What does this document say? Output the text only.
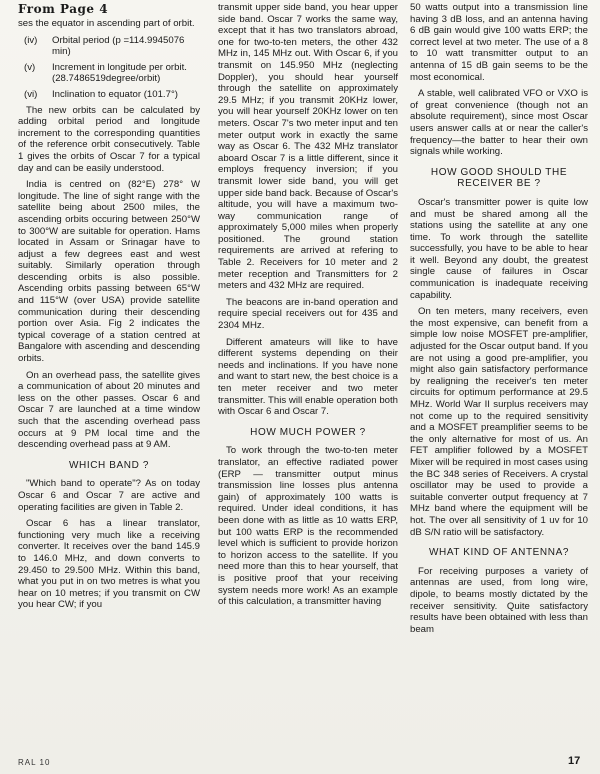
From Page 4

ses the equator in ascending part of orbit.

(iv)	Orbital period (p =114.9945076 min)
(v)	Increment in longitude per orbit. (28.7486519degree/orbit)
(vi)	Inclination to equator (101.7°)

The new orbits can be calculated by adding orbital period and longitude increment to the corresponding quantities of the reference orbit consecutively. Table 1 gives the orbits of Oscar 7 for a typical day and can be easily understood.

India is centred on (82°E) 278° W longitude. The line of sight range with the satellite being about 2500 miles, the ascending orbits occuring between 250°W to 300°W are suitable for operation. Hams located in Assam or Srinagar have to adjust a few degrees east and west suitably. Similarly operation through descending orbits is also possible. Ascending orbits passing between 65°W and 115°W (over USA) provide satellite communication during their descending portion over Asia. Fig 2 indicates the typical coverage of a station centred at Bangalore with ascending and descending orbits.

On an overhead pass, the satellite gives a communication of about 20 minutes and less on the other passes. Oscar 6 and Oscar 7 are launched at a time window such that the ascending overhead pass occurs at 9 PM local time and the descending overhead pass at 9 AM.

WHICH BAND ?

"Which band to operate"? As on today Oscar 6 and Oscar 7 are active and operating facilities are given in Table 2.

Oscar 6 has a linear translator, functioning very much like a receiving converter. It receives over the band 145.9 to 146.0 MHz, and down converts to 29.450 to 29.500 MHz. Within this band, what you put in on two metres is what you hear on 10 metres; if you transmit on CW you hear CW; if you

transmit upper side band, you hear upper side band. Oscar 7 works the same way, except that it has two translators abroad, one for two-to-ten meters, the other 432 MHz in, 145 MHz out. With Oscar 6, if you transmit on 145.950 MHz (neglecting Doppler), you should hear yourself through the satellite on approximately 29.5 MHz; if you transmit 20KHz lower, you will hear yourself 20KHz lower on ten meters. Oscar 7's two meter input and ten meter output work in exactly the same way as Oscar 6. The 432 MHz translator aboard Oscar 7 is a little different, since it employs frequency inversion; if you transmit lower side band, you will get upper side band back. Because of Oscar's altitude, you will have a maximum two-way communication range of approximately 5,000 miles when properly positioned. The ground station requirements are arrived at refering to Table 2. Receivers for 10 meter and 2 meter reception and Transmitters for 2 meters and 432 MHz are required.

The beacons are in-band operation and require special receivers out for 435 and 2304 MHz.

Different amateurs will like to have different systems depending on their needs and inclinations. If you have none and want to start new, the best choice is a ten meter receiver and two meter transmitter. This will enable operation both with Oscar 6 and Oscar 7.

HOW MUCH POWER ?

To work through the two-to-ten meter translator, an effective radiated power (ERP — transmitter output minus transmission line losses plus antenna gain) of approximately 100 watts is required. Under ideal conditions, it has been done with as little as 10 watts ERP, but 100 watts ERP is the recommended level which is sufficient to provide horizon to horizon access to the satellite. If you need more than this to hear yourself, that is positive proof that your receiving system needs more work! As an example of this calculation, a transmitter having

50 watts output into a transmission line having 3 dB loss, and an antenna having 6 dB gain would give 100 watts ERP; the correct level at two meter. The use of a 8 to 10 watt transmitter output to an antenna of 15 dB gain seems to be the most economical.

A stable, well calibrated VFO or VXO is of great convenience (though not an absolute requirement), since most Oscar users answer calls at or near the caller's frequency—the batter to hear their own signals while working.

HOW GOOD SHOULD THE RECEIVER BE ?

Oscar's transmitter power is quite low and must be shared among all the stations using the satellite at any one time. To work through the satellite successfully, you have to be able to hear it well. Beyond any doubt, the greatest single cause of failures in Oscar communication is inadequate receiving capability.

On ten meters, many receivers, even the most expensive, can benefit from a simple low noise MOSFET pre-amplifier, adjusted for the Oscar output band. If you are not using a good pre-amplifier, you might also gain satisfactory performance by realigning the receiver's ten meter circuits for optimum performance at 29.5 MHz. World War II surplus receivers may not come up to the required sensitivity and a MOSFET preamplifier seems to be the only alternative for most of us. An FET amplifier followed by a MOSFET Mixer will be required in most cases using the BC 348 series of Receivers. A crystal oscillator may be used to provide a suitable converter output frequency at 7 MHz band where the equipment will be hot. The over all sensitivity of 1 uv for 10 dB S/N ratio will be satisfactory.

WHAT KIND OF ANTENNA?

For receiving purposes a variety of antennas are used, from long wire, dipole, to beams mostly dictated by the receiver sensitivity. Quite satisfactory results have been obtained with less than beam

RAL 10	17
